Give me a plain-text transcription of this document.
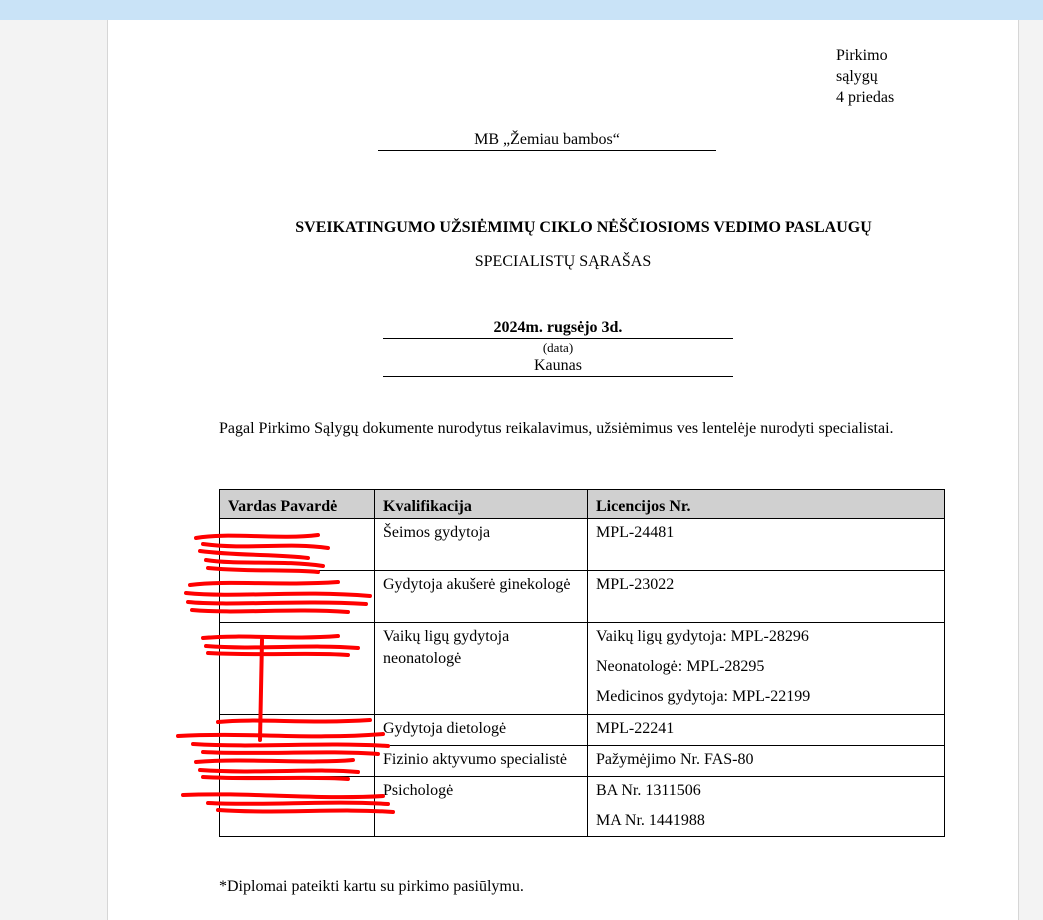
Pirkimo
sąlygų
4 priedas
MB „Žemiau bambos“
SVEIKATINGUMO UŽSIĖMIMŲ CIKLO NĖŠČIOSIOMS VEDIMO PASLAUGŲ
SPECIALISTŲ SĄRAŠAS
2024m. rugsėjo 3d.
(data)
Kaunas
Pagal Pirkimo Sąlygų dokumente nurodytus reikalavimus, užsiėmimus ves lentelėje nurodyti specialistai.
Vardas Pavardė	Kvalifikacija	Licencijos Nr.
	Šeimos gydytoja	MPL-24481

	Gydytoja akušerė ginekologė	MPL-23022

	Vaikų ligų gydytoja neonatologė	Vaikų ligų gydytoja: MPL-28296

Neonatologė: MPL-28295

Medicinos gydytoja: MPL-22199

	Gydytoja dietologė	MPL-22241

	Fizinio aktyvumo specialistė	Pažymėjimo Nr. FAS-80

	Psichologė	BA Nr. 1311506

MA Nr. 1441988

*Diplomai pateikti kartu su pirkimo pasiūlymu.
